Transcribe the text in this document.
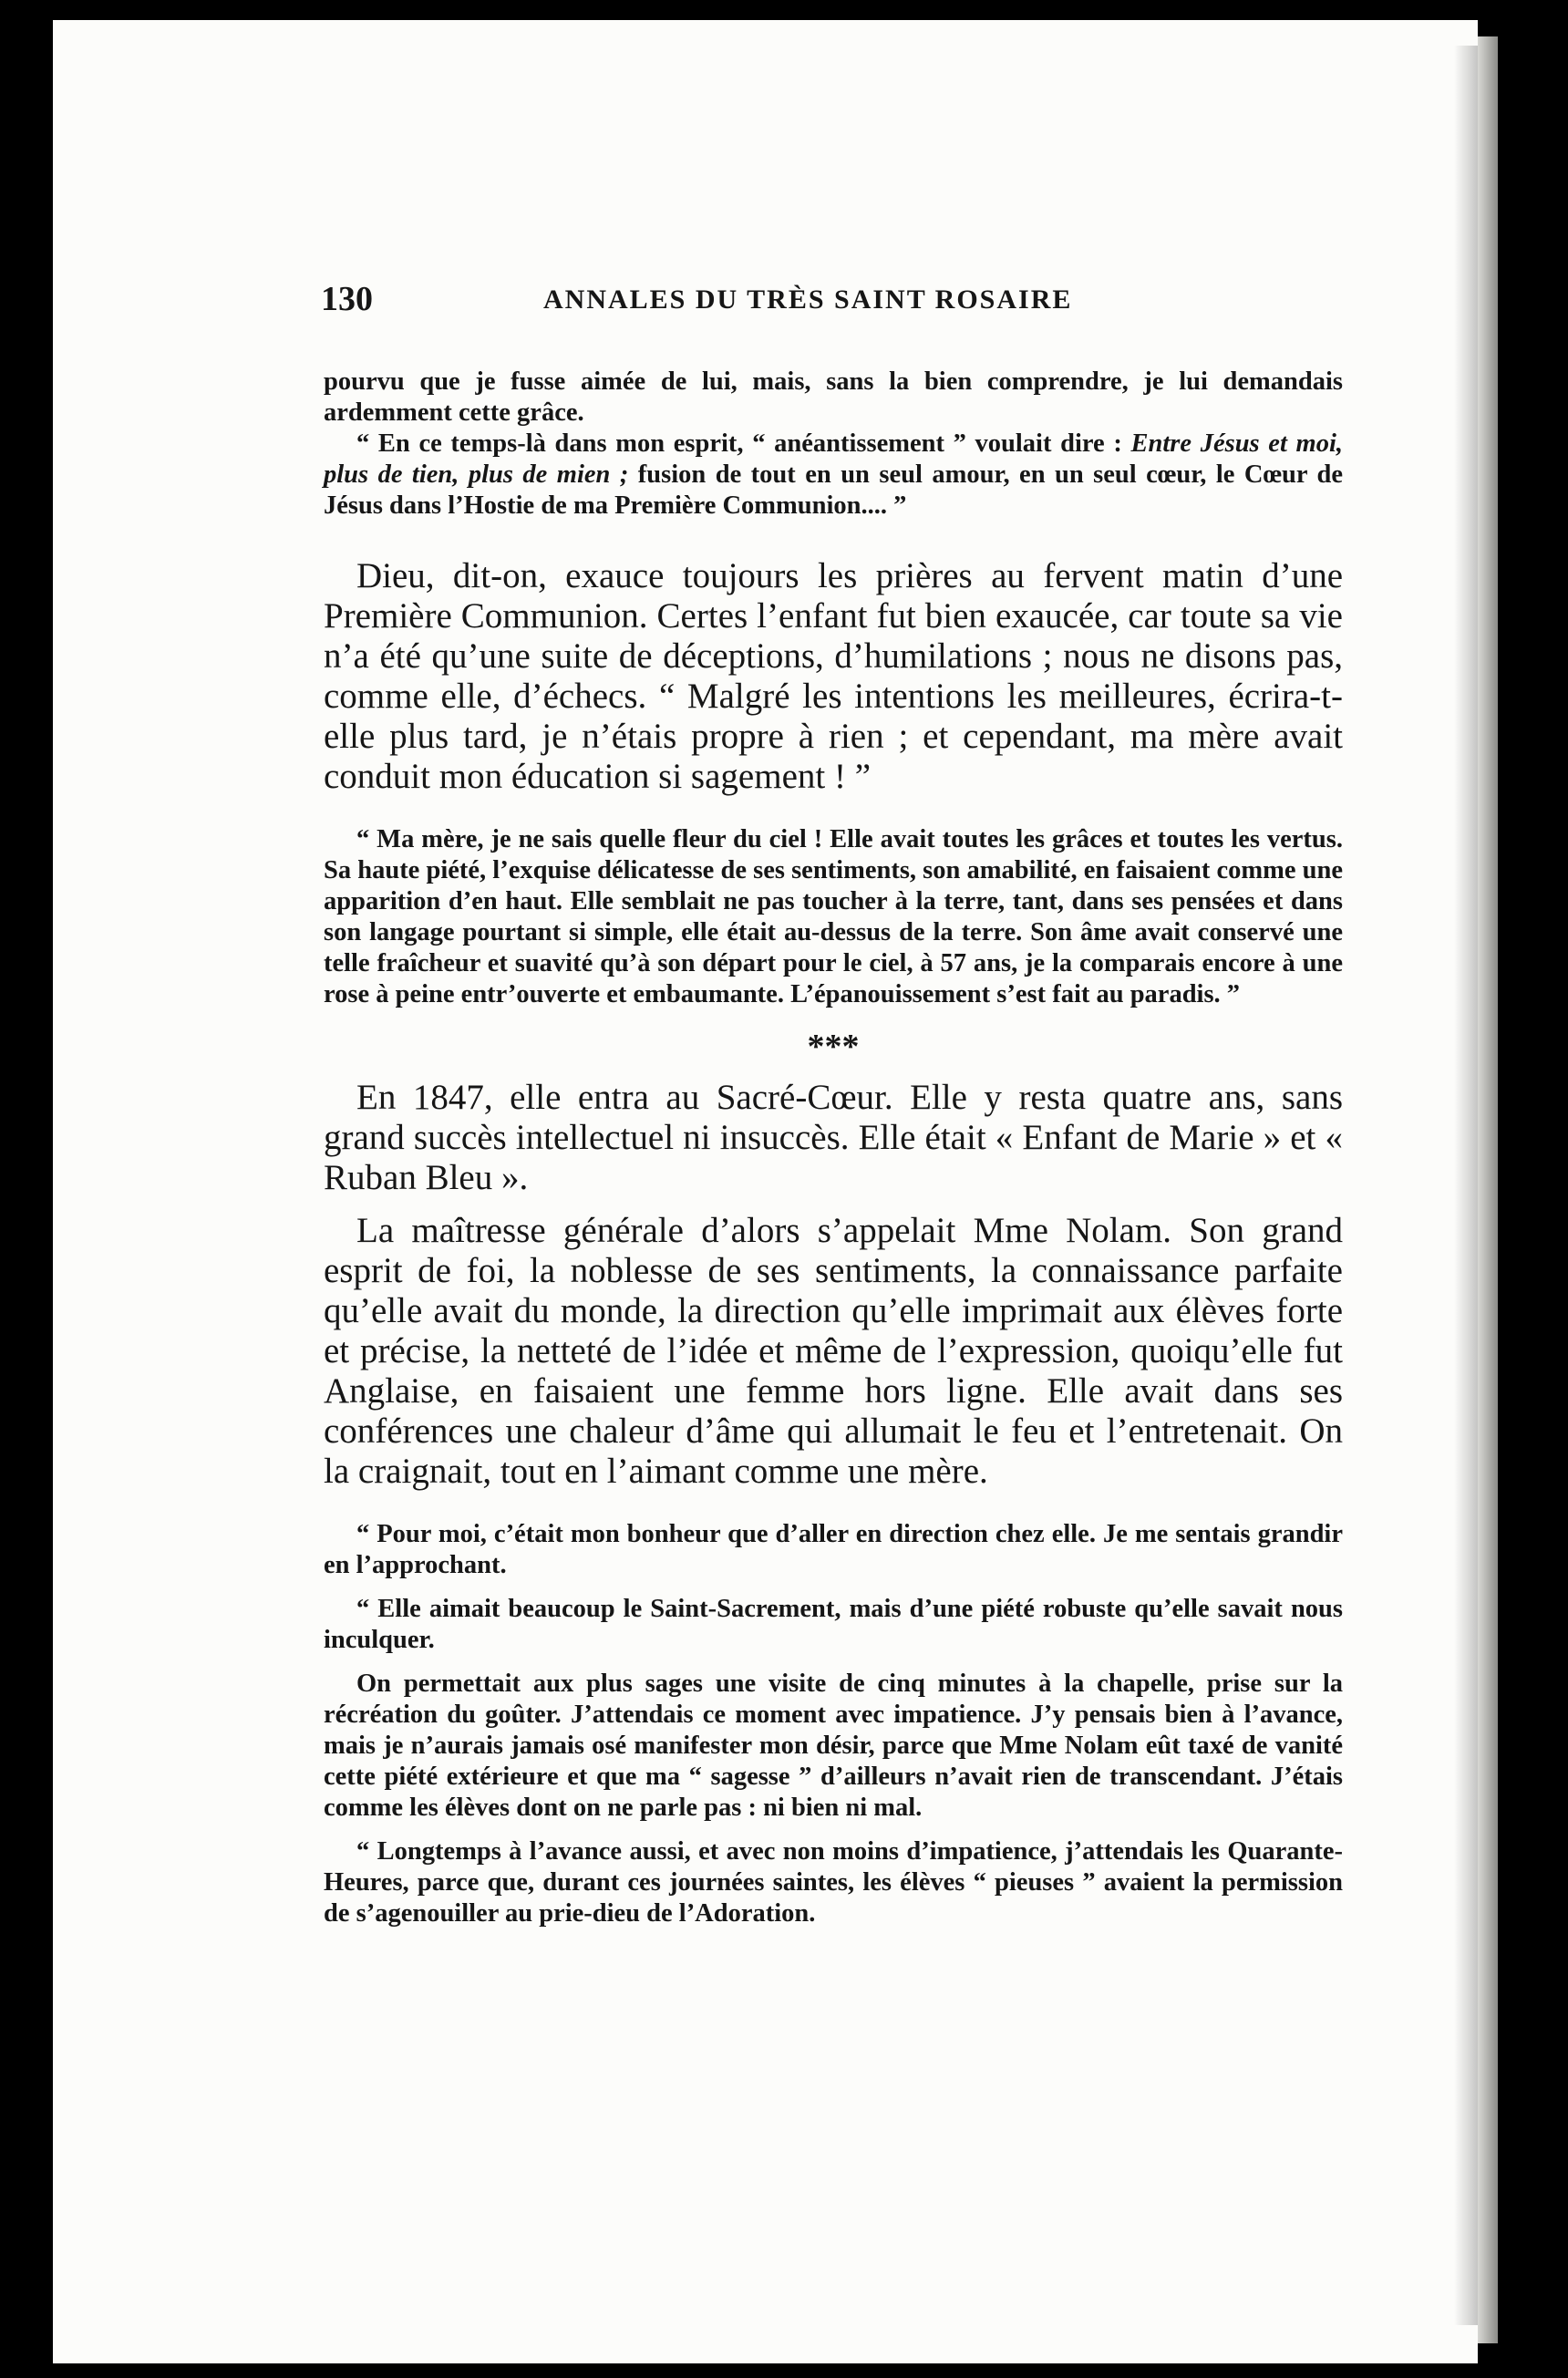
130	ANNALES DU TRÈS SAINT ROSAIRE

pourvu que je fusse aimée de lui, mais, sans la bien comprendre, je lui demandais ardemment cette grâce.

“ En ce temps-là dans mon esprit, “ anéantissement ” voulait dire : Entre Jésus et moi, plus de tien, plus de mien ; fusion de tout en un seul amour, en un seul cœur, le Cœur de Jésus dans l’Hostie de ma Première Communion.... ”

Dieu, dit-on, exauce toujours les prières au fervent matin d’une Première Communion. Certes l’enfant fut bien exaucée, car toute sa vie n’a été qu’une suite de déceptions, d’humilations ; nous ne disons pas, comme elle, d’échecs. “ Malgré les intentions les meilleures, écrira-t-elle plus tard, je n’étais propre à rien ; et cependant, ma mère avait conduit mon éducation si sagement ! ”

“ Ma mère, je ne sais quelle fleur du ciel ! Elle avait toutes les grâces et toutes les vertus. Sa haute piété, l’exquise délicatesse de ses sentiments, son amabilité, en faisaient comme une apparition d’en haut. Elle semblait ne pas toucher à la terre, tant, dans ses pensées et dans son langage pourtant si simple, elle était au-dessus de la terre. Son âme avait conservé une telle fraîcheur et suavité qu’à son départ pour le ciel, à 57 ans, je la comparais encore à une rose à peine entr’ouverte et embaumante. L’épanouissement s’est fait au paradis. ”

***

En 1847, elle entra au Sacré-Cœur. Elle y resta quatre ans, sans grand succès intellectuel ni insuccès. Elle était « Enfant de Marie » et « Ruban Bleu ».

La maîtresse générale d’alors s’appelait Mme Nolam. Son grand esprit de foi, la noblesse de ses sentiments, la connaissance parfaite qu’elle avait du monde, la direction qu’elle imprimait aux élèves forte et précise, la netteté de l’idée et même de l’expression, quoiqu’elle fut Anglaise, en faisaient une femme hors ligne. Elle avait dans ses conférences une chaleur d’âme qui allumait le feu et l’entretenait. On la craignait, tout en l’aimant comme une mère.

“ Pour moi, c’était mon bonheur que d’aller en direction chez elle. Je me sentais grandir en l’approchant.

“ Elle aimait beaucoup le Saint-Sacrement, mais d’une piété robuste qu’elle savait nous inculquer.

On permettait aux plus sages une visite de cinq minutes à la chapelle, prise sur la récréation du goûter. J’attendais ce moment avec impatience. J’y pensais bien à l’avance, mais je n’aurais jamais osé manifester mon désir, parce que Mme Nolam eût taxé de vanité cette piété extérieure et que ma “ sagesse ” d’ailleurs n’avait rien de transcendant. J’étais comme les élèves dont on ne parle pas : ni bien ni mal.

“ Longtemps à l’avance aussi, et avec non moins d’impatience, j’attendais les Quarante-Heures, parce que, durant ces journées saintes, les élèves “ pieuses ” avaient la permission de s’agenouiller au prie-dieu de l’Adoration.
